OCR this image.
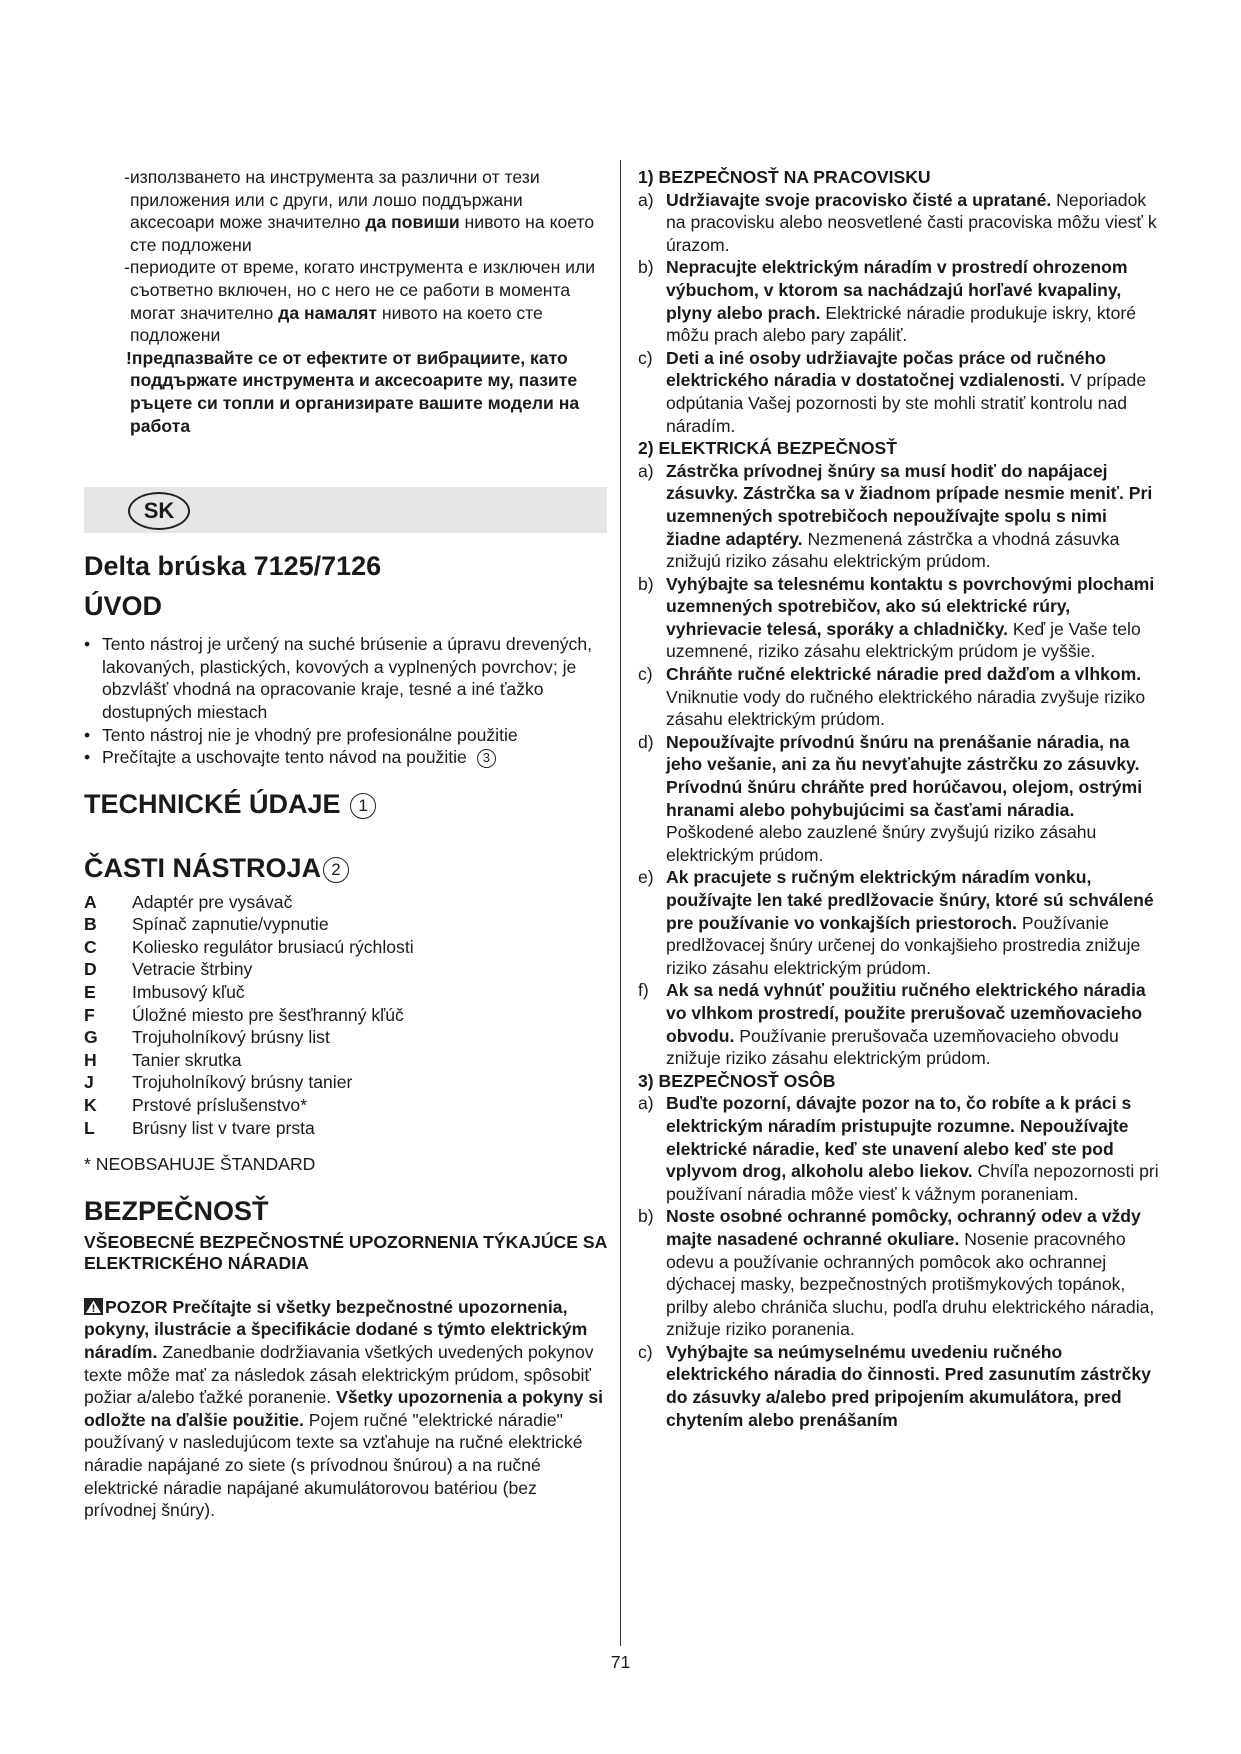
-използването на инструмента за различни от тези приложения или с други, или лошо поддържани аксесоари може значително да повиши нивото на което сте подложени

-периодите от време, когато инструмента е изключен или съответно включен, но с него не се работи в момента могат значително да намалят нивото на което сте подложени

!предпазвайте се от ефектите от вибрациите, като поддържате инструмента и аксесоарите му, пазите ръцете си топли и организирате вашите модели на работа

SK
Delta brúska 7125/7126
ÚVOD
• Tento nástroj je určený na suché brúsenie a úpravu drevených, lakovaných, plastických, kovových a vyplnených povrchov; je obzvlášť vhodná na opracovanie kraje, tesné a iné ťažko dostupných miestach
• Tento nástroj nie je vhodný pre profesionálne použitie
• Prečítajte a uschovajte tento návod na použitie 3
TECHNICKÉ ÚDAJE 1
ČASTI NÁSTROJA 2
A	Adaptér pre vysávač
B	Spínač zapnutie/vypnutie
C	Koliesko regulátor brusiacú rýchlosti
D	Vetracie štrbiny
E	Imbusový kľuč
F	Úložné miesto pre šesťhranný kľúč
G	Trojuholníkový brúsny list
H	Tanier skrutka
J	Trojuholníkový brúsny tanier
K	Prstové príslušenstvo*
L	Brúsny list v tvare prsta

* NEOBSAHUJE ŠTANDARD

BEZPEČNOSŤ
VŠEOBECNÉ BEZPEČNOSTNÉ UPOZORNENIA TÝKAJÚCE SA ELEKTRICKÉHO NÁRADIA

POZOR Prečítajte si všetky bezpečnostné upozornenia, pokyny, ilustrácie a špecifikácie dodané s týmto elektrickým náradím. Zanedbanie dodržiavania všetkých uvedených pokynov texte môže mať za následok zásah elektrickým prúdom, spôsobiť požiar a/alebo ťažké poranenie. Všetky upozornenia a pokyny si odložte na ďalšie použitie. Pojem ručné "elektrické náradie" používaný v nasledujúcom texte sa vzťahuje na ručné elektrické náradie napájané zo siete (s prívodnou šnúrou) a na ručné elektrické náradie napájané akumulátorovou batériou (bez prívodnej šnúry).

1) BEZPEČNOSŤ NA PRACOVISKU
a) Udržiavajte svoje pracovisko čisté a upratané. Neporiadok na pracovisku alebo neosvetlené časti pracoviska môžu viesť k úrazom.
b) Nepracujte elektrickým náradím v prostredí ohrozenom výbuchom, v ktorom sa nachádzajú horľavé kvapaliny, plyny alebo prach. Elektrické náradie produkuje iskry, ktoré môžu prach alebo pary zapáliť.
c) Deti a iné osoby udržiavajte počas práce od ručného elektrického náradia v dostatočnej vzdialenosti. V prípade odpútania Vašej pozornosti by ste mohli stratiť kontrolu nad náradím.
2) ELEKTRICKÁ BEZPEČNOSŤ
a) Zástrčka prívodnej šnúry sa musí hodiť do napájacej zásuvky. Zástrčka sa v žiadnom prípade nesmie meniť. Pri uzemnených spotrebičoch nepoužívajte spolu s nimi žiadne adaptéry. Nezmenená zástrčka a vhodná zásuvka znižujú riziko zásahu elektrickým prúdom.
b) Vyhýbajte sa telesnému kontaktu s povrchovými plochami uzemnených spotrebičov, ako sú elektrické rúry, vyhrievacie telesá, sporáky a chladničky. Keď je Vaše telo uzemnené, riziko zásahu elektrickým prúdom je vyššie.
c) Chráňte ručné elektrické náradie pred dažďom a vlhkom. Vniknutie vody do ručného elektrického náradia zvyšuje riziko zásahu elektrickým prúdom.
d) Nepoužívajte prívodnú šnúru na prenášanie náradia, na jeho vešanie, ani za ňu nevyťahujte zástrčku zo zásuvky. Prívodnú šnúru chráňte pred horúčavou, olejom, ostrými hranami alebo pohybujúcimi sa časťami náradia. Poškodené alebo zauzlené šnúry zvyšujú riziko zásahu elektrickým prúdom.
e) Ak pracujete s ručným elektrickým náradím vonku, používajte len také predlžovacie šnúry, ktoré sú schválené pre používanie vo vonkajších priestoroch. Používanie predlžovacej šnúry určenej do vonkajšieho prostredia znižuje riziko zásahu elektrickým prúdom.
f) Ak sa nedá vyhnúť použitiu ručného elektrického náradia vo vlhkom prostredí, použite prerušovač uzemňovacieho obvodu. Používanie prerušovača uzemňovacieho obvodu znižuje riziko zásahu elektrickým prúdom.
3) BEZPEČNOSŤ OSÔB
a) Buďte pozorní, dávajte pozor na to, čo robíte a k práci s elektrickým náradím pristupujte rozumne. Nepoužívajte elektrické náradie, keď ste unavení alebo keď ste pod vplyvom drog, alkoholu alebo liekov. Chvíľa nepozornosti pri používaní náradia môže viesť k vážnym poraneniam.
b) Noste osobné ochranné pomôcky, ochranný odev a vždy majte nasadené ochranné okuliare. Nosenie pracovného odevu a používanie ochranných pomôcok ako ochrannej dýchacej masky, bezpečnostných protišmykových topánok, prilby alebo chrániča sluchu, podľa druhu elektrického náradia, znižuje riziko poranenia.
c) Vyhýbajte sa neúmyselnému uvedeniu ručného elektrického náradia do činnosti. Pred zasunutím zástrčky do zásuvky a/alebo pred pripojením akumulátora, pred chytením alebo prenášaním
71
